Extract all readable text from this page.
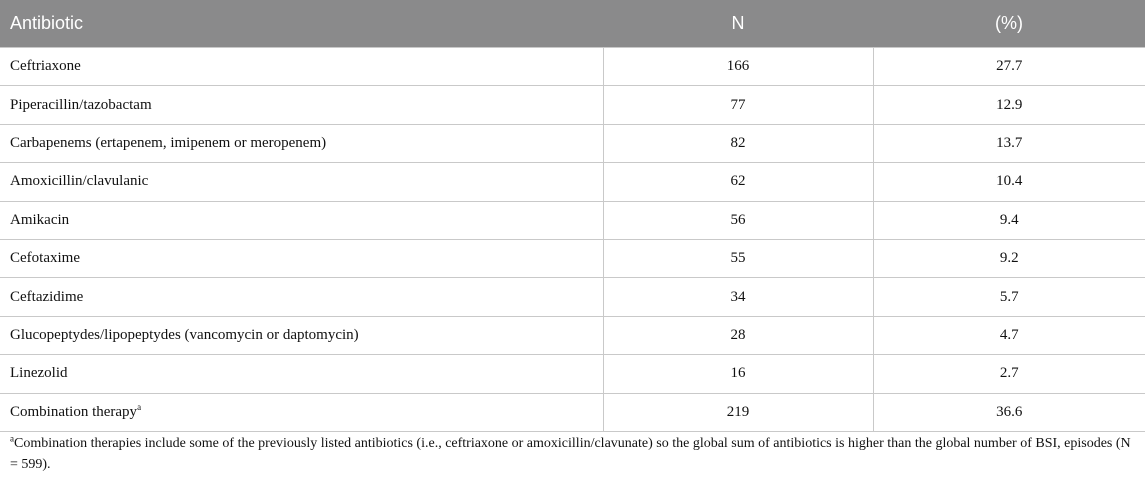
Antibiotic	N	(%)
Ceftriaxone	166	27.7
Piperacillin/tazobactam	77	12.9
Carbapenems (ertapenem, imipenem or meropenem)	82	13.7
Amoxicillin/clavulanic	62	10.4
Amikacin	56	9.4
Cefotaxime	55	9.2
Ceftazidime	34	5.7
Glucopeptydes/lipopeptydes (vancomycin or daptomycin)	28	4.7
Linezolid	16	2.7
Combination therapy$^a$	219	36.6
$^a$Combination therapies include some of the previously listed antibiotics (i.e., ceftriaxone or amoxicillin/clavunate) so the global sum of antibiotics is higher than the global number of BSI, episodes (N = 599).
